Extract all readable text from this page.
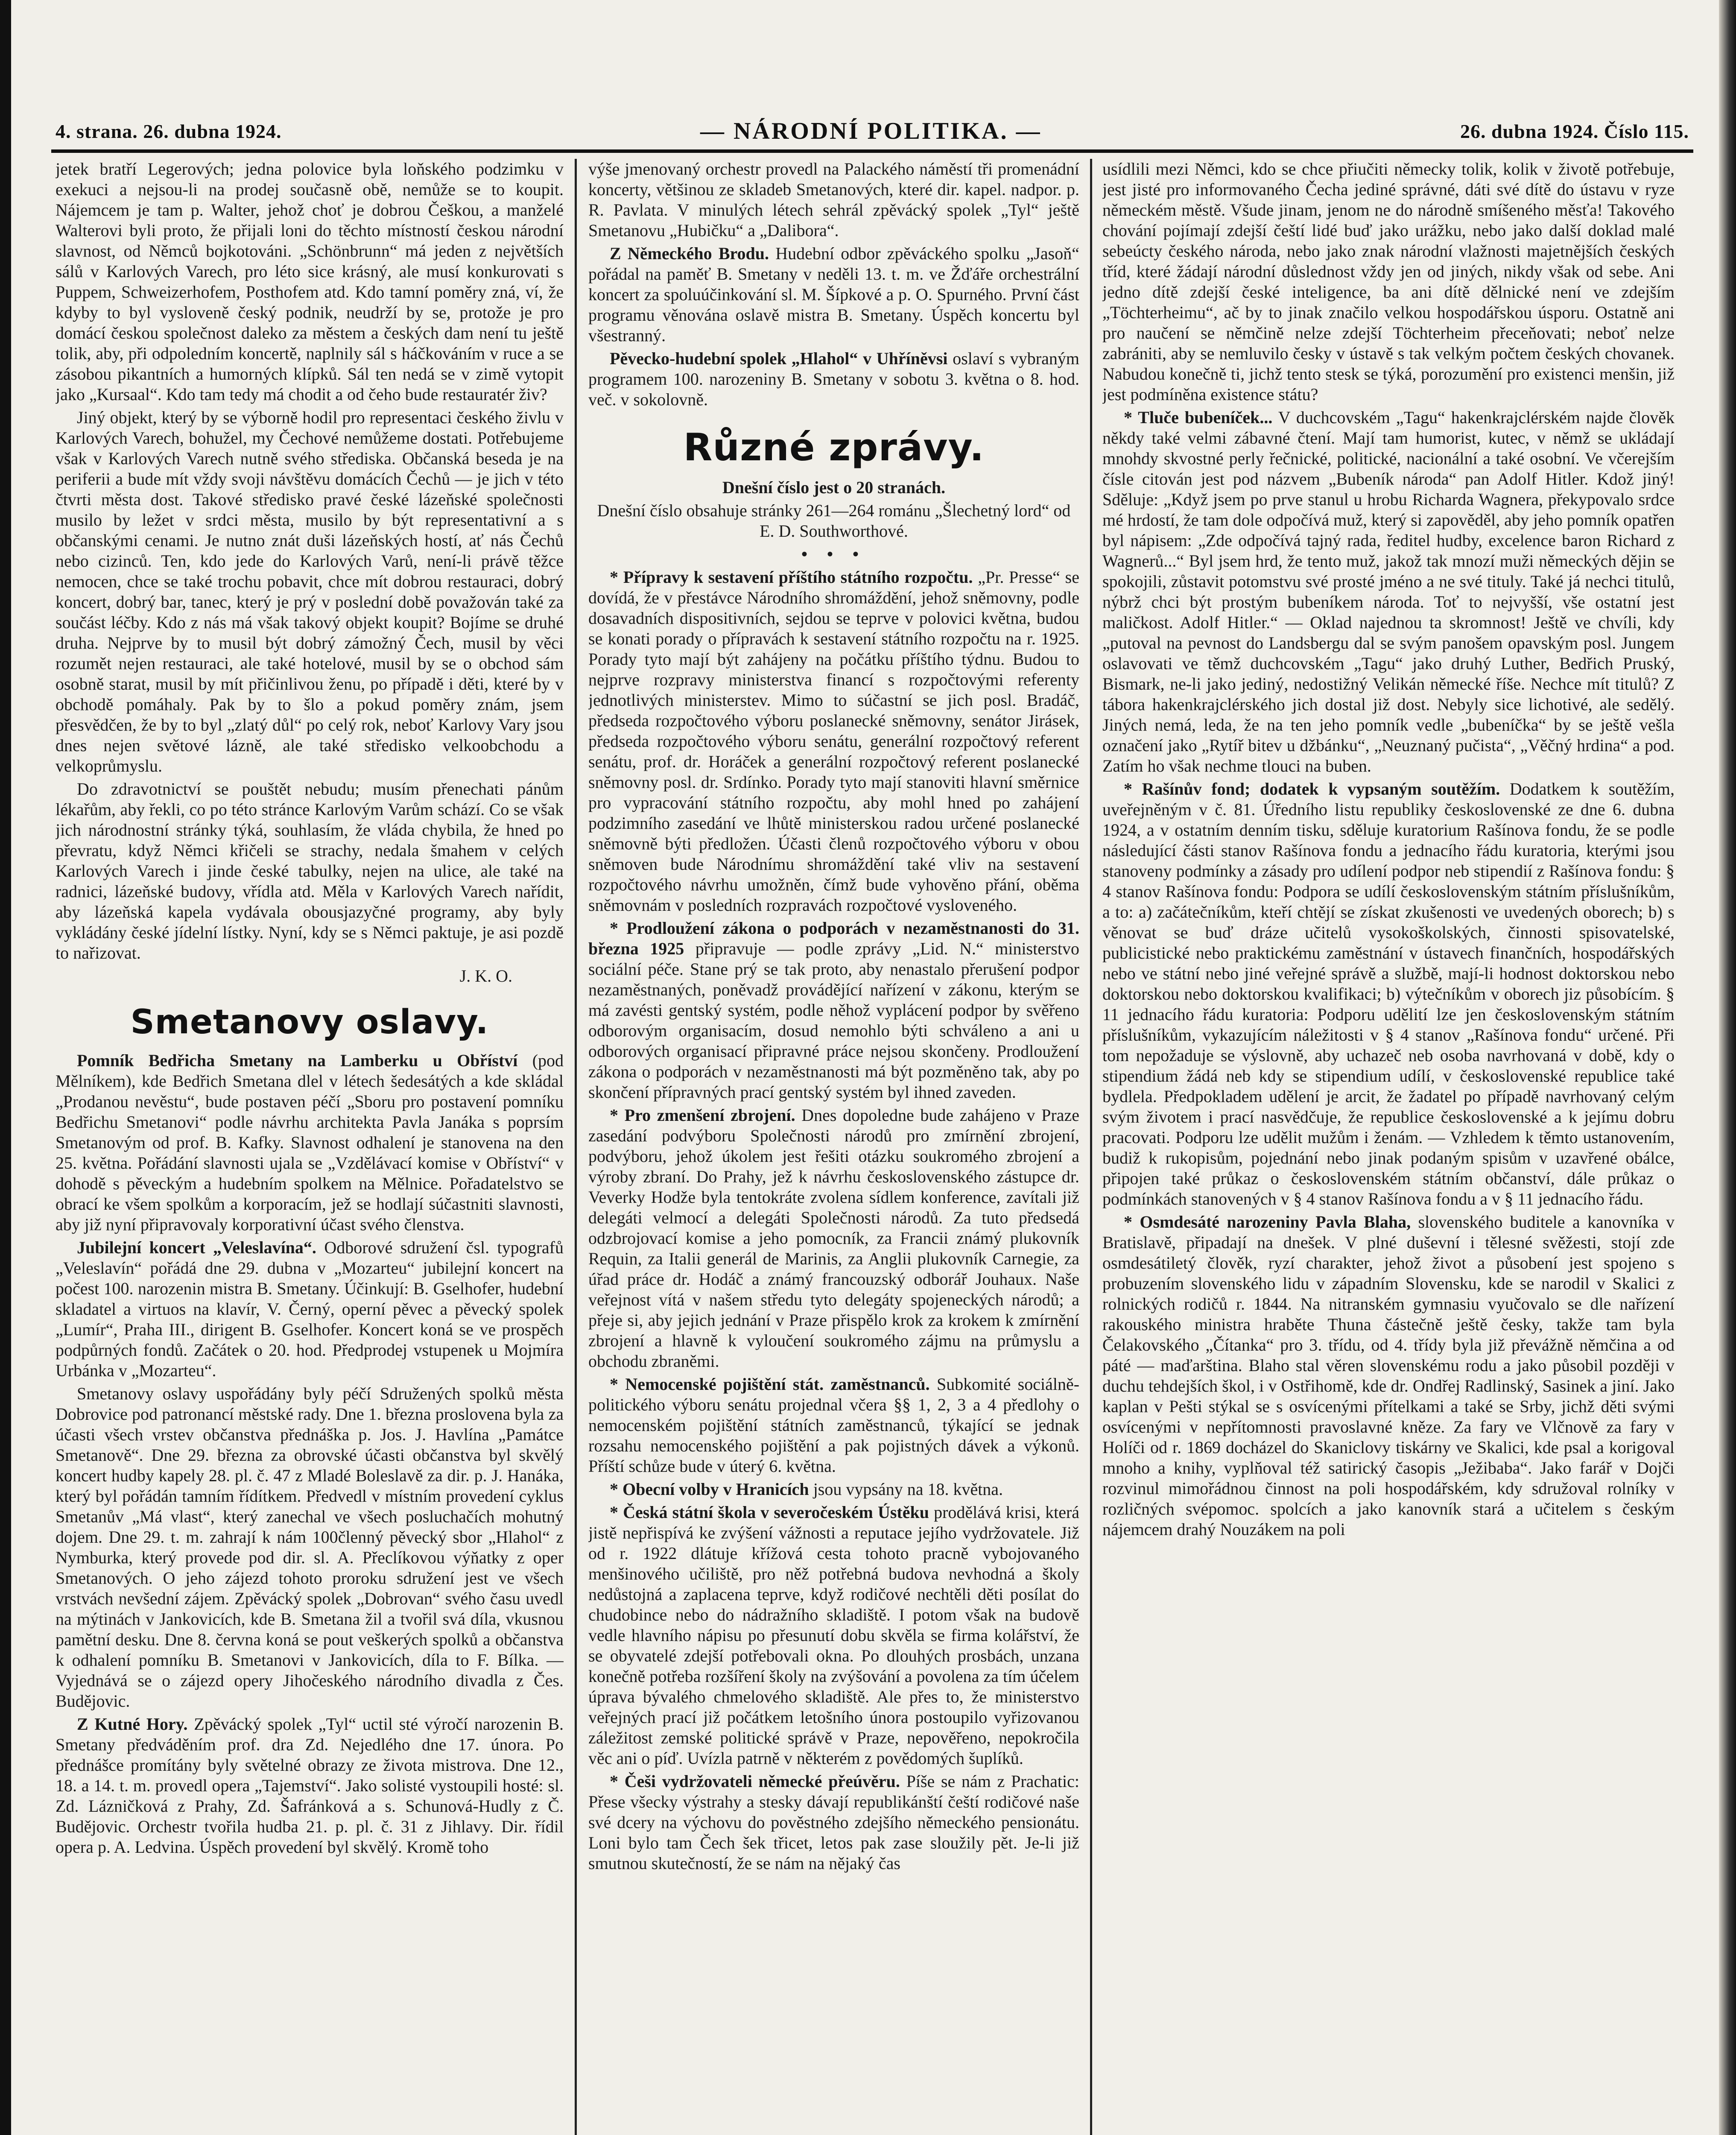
4. strana. 26. dubna 1924.	— NÁRODNÍ POLITIKA. —	26. dubna 1924. Číslo 115.

jetek bratří Legerových; jedna polovice byla loňského podzimku v exekuci a nejsou-li na prodej současně obě, nemůže se to koupit. Nájemcem je tam p. Walter, jehož choť je dobrou Češkou, a manželé Walterovi byli proto, že přijali loni do těchto místností českou národní slavnost, od Němců bojkotováni. „Schönbrunn“ má jeden z největších sálů v Karlových Varech, pro léto sice krásný, ale musí konkurovati s Puppem, Schweizerhofem, Posthofem atd. Kdo tamní poměry zná, ví, že kdyby to byl vysloveně český podnik, neudrží by se, protože je pro domácí českou společnost daleko za městem a českých dam není tu ještě tolik, aby, při odpoledním koncertě, naplnily sál s háčkováním v ruce a se zásobou pikantních a humorných klípků. Sál ten nedá se v zimě vytopit jako „Kursaal“. Kdo tam tedy má chodit a od čeho bude restauratér živ?

Jiný objekt, který by se výborně hodil pro representaci českého živlu v Karlových Varech, bohužel, my Čechové nemůžeme dostati. Potřebujeme však v Karlových Varech nutně svého střediska. Občanská beseda je na periferii a bude mít vždy svoji návštěvu domácích Čechů — je jich v této čtvrti města dost. Takové středisko pravé české lázeňské společnosti musilo by ležet v srdci města, musilo by být representativní a s občanskými cenami. Je nutno znát duši lázeňských hostí, ať nás Čechů nebo cizinců. Ten, kdo jede do Karlových Varů, není-li právě těžce nemocen, chce se také trochu pobavit, chce mít dobrou restauraci, dobrý koncert, dobrý bar, tanec, který je prý v poslední době považován také za součást léčby. Kdo z nás má však takový objekt koupit? Bojíme se druhé druha. Nejprve by to musil být dobrý zámožný Čech, musil by věci rozumět nejen restauraci, ale také hotelové, musil by se o obchod sám osobně starat, musil by mít přičinlivou ženu, po případě i děti, které by v obchodě pomáhaly. Pak by to šlo a pokud poměry znám, jsem přesvědčen, že by to byl „zlatý důl“ po celý rok, neboť Karlovy Vary jsou dnes nejen světové lázně, ale také středisko velkoobchodu a velkoprůmyslu.

Do zdravotnictví se pouštět nebudu; musím přenechati pánům lékařům, aby řekli, co po této stránce Karlovým Varům schází. Co se však jich národnostní stránky týká, souhlasím, že vláda chybila, že hned po převratu, když Němci křičeli se strachy, nedala šmahem v celých Karlových Varech i jinde české tabulky, nejen na ulice, ale také na radnici, lázeňské budovy, vřídla atd. Měla v Karlových Varech nařídit, aby lázeňská kapela vydávala obousjazyčné programy, aby byly vykládány české jídelní lístky. Nyní, kdy se s Němci paktuje, je asi pozdě to nařizovat.

J. K. O.

Smetanovy oslavy.

Pomník Bedřicha Smetany na Lamberku u Obříství (pod Mělníkem), kde Bedřich Smetana dlel v létech šedesátých a kde skládal „Prodanou nevěstu“, bude postaven péčí „Sboru pro postavení pomníku Bedřichu Smetanovi“ podle návrhu architekta Pavla Janáka s poprsím Smetanovým od prof. B. Kafky. Slavnost odhalení je stanovena na den 25. května. Pořádání slavnosti ujala se „Vzdělávací komise v Obříství“ v dohodě s pěveckým a hudebním spolkem na Mělnice. Pořadatelstvo se obrací ke všem spolkům a korporacím, jež se hodlají súčastniti slavnosti, aby již nyní připravovaly korporativní účast svého členstva.

Jubilejní koncert „Veleslavína“. Odborové sdružení čsl. typografů „Veleslavín“ pořádá dne 29. dubna v „Mozarteu“ jubilejní koncert na počest 100. narozenin mistra B. Smetany. Účinkují: B. Gselhofer, hudební skladatel a virtuos na klavír, V. Černý, operní pěvec a pěvecký spolek „Lumír“, Praha III., dirigent B. Gselhofer. Koncert koná se ve prospěch podpůrných fondů. Začátek o 20. hod. Předprodej vstupenek u Mojmíra Urbánka v „Mozarteu“.

Smetanovy oslavy uspořádány byly péčí Sdružených spolků města Dobrovice pod patronancí městské rady. Dne 1. března proslovena byla za účasti všech vrstev občanstva přednáška p. Jos. J. Havlína „Památce Smetanově“. Dne 29. března za obrovské účasti občanstva byl skvělý koncert hudby kapely 28. pl. č. 47 z Mladé Boleslavě za dir. p. J. Hanáka, který byl pořádán tamním řídítkem. Předvedl v místním provedení cyklus Smetanův „Má vlast“, který zanechal ve všech posluchačích mohutný dojem. Dne 29. t. m. zahrají k nám 100členný pěvecký sbor „Hlahol“ z Nymburka, který provede pod dir. sl. A. Přeclíkovou výňatky z oper Smetanových. O jeho zájezd tohoto proroku sdružení jest ve všech vrstvách nevšední zájem. Zpěvácký spolek „Dobrovan“ svého času uvedl na mýtinách v Jankovicích, kde B. Smetana žil a tvořil svá díla, vkusnou pamětní desku. Dne 8. června koná se pout veškerých spolků a občanstva k odhalení pomníku B. Smetanovi v Jankovicích, díla to F. Bílka. — Vyjednává se o zájezd opery Jihočeského národního divadla z Čes. Budějovic.

Z Kutné Hory. Zpěvácký spolek „Tyl“ uctil sté výročí narozenin B. Smetany předváděním prof. dra Zd. Nejedlého dne 17. února. Po přednášce promítány byly světelné obrazy ze života mistrova. Dne 12., 18. a 14. t. m. provedl opera „Tajemství“. Jako solisté vystoupili hosté: sl. Zd. Lázničková z Prahy, Zd. Šafránková a s. Schunová-Hudly z Č. Budějovic. Orchestr tvořila hudba 21. p. pl. č. 31 z Jihlavy. Dir. řídil opera p. A. Ledvina. Úspěch provedení byl skvělý. Kromě toho

výše jmenovaný orchestr provedl na Palackého náměstí tři promenádní koncerty, většinou ze skladeb Smetanových, které dir. kapel. nadpor. p. R. Pavlata. V minulých létech sehrál zpěvácký spolek „Tyl“ ještě Smetanovu „Hubičku“ a „Dalibora“.

Z Německého Brodu. Hudební odbor zpěváckého spolku „Jasoň“ pořádal na paměť B. Smetany v neděli 13. t. m. ve Žďáře orchestrální koncert za spoluúčinkování sl. M. Šípkové a p. O. Spurného. První část programu věnována oslavě mistra B. Smetany. Úspěch koncertu byl všestranný.

Pěvecko-hudební spolek „Hlahol“ v Uhříněvsi oslaví s vybraným programem 100. narozeniny B. Smetany v sobotu 3. května o 8. hod. več. v sokolovně.

Různé zprávy.

Dnešní číslo jest o 20 stranách.

Dnešní číslo obsahuje stránky 261—264 románu „Šlechetný lord“ od E. D. Southworthové.

• • •

* Přípravy k sestavení příštího státního rozpočtu. „Pr. Presse“ se dovídá, že v přestávce Národního shromáždění, jehož sněmovny, podle dosavadních dispositivních, sejdou se teprve v polovici května, budou se konati porady o přípravách k sestavení státního rozpočtu na r. 1925. Porady tyto mají být zahájeny na počátku příštího týdnu. Budou to nejprve rozpravy ministerstva financí s rozpočtovými referenty jednotlivých ministerstev. Mimo to súčastní se jich posl. Bradáč, předseda rozpočtového výboru poslanecké sněmovny, senátor Jirásek, předseda rozpočtového výboru senátu, generální rozpočtový referent senátu, prof. dr. Horáček a generální rozpočtový referent poslanecké sněmovny posl. dr. Srdínko. Porady tyto mají stanoviti hlavní směrnice pro vypracování státního rozpočtu, aby mohl hned po zahájení podzimního zasedání ve lhůtě ministerskou radou určené poslanecké sněmovně býti předložen. Účasti členů rozpočtového výboru v obou sněmoven bude Národnímu shromáždění také vliv na sestavení rozpočtového návrhu umožněn, čímž bude vyhověno přání, oběma sněmovnám v posledních rozpravách rozpočtové vysloveného.

* Prodloužení zákona o podporách v nezaměstnanosti do 31. března 1925 připravuje — podle zprávy „Lid. N.“ ministerstvo sociální péče. Stane prý se tak proto, aby nenastalo přerušení podpor nezaměstnaných, poněvadž provádějící nařízení v zákonu, kterým se má zavésti gentský systém, podle něhož vyplácení podpor by svěřeno odborovým organisacím, dosud nemohlo býti schváleno a ani u odborových organisací připravné práce nejsou skončeny. Prodloužení zákona o podporách v nezaměstnanosti má být pozměněno tak, aby po skončení přípravných prací gentský systém byl ihned zaveden.

* Pro zmenšení zbrojení. Dnes dopoledne bude zahájeno v Praze zasedání podvýboru Společnosti národů pro zmírnění zbrojení, podvýboru, jehož úkolem jest řešiti otázku soukromého zbrojení a výroby zbraní. Do Prahy, jež k návrhu československého zástupce dr. Veverky Hodže byla tentokráte zvolena sídlem konference, zavítali již delegáti velmocí a delegáti Společnosti národů. Za tuto předsedá odzbrojovací komise a jeho pomocník, za Francii známý plukovník Requin, za Italii generál de Marinis, za Anglii plukovník Carnegie, za úřad práce dr. Hodáč a známý francouzský odborář Jouhaux. Naše veřejnost vítá v našem středu tyto delegáty spojeneckých národů; a přeje si, aby jejich jednání v Praze přispělo krok za krokem k zmírnění zbrojení a hlavně k vyloučení soukromého zájmu na průmyslu a obchodu zbraněmi.

* Nemocenské pojištění stát. zaměstnanců. Subkomité sociálně-politického výboru senátu projednal včera §§ 1, 2, 3 a 4 předlohy o nemocenském pojištění státních zaměstnanců, týkající se jednak rozsahu nemocenského pojištění a pak pojistných dávek a výkonů. Příští schůze bude v úterý 6. května.

* Obecní volby v Hranicích jsou vypsány na 18. května.

* Česká státní škola v severočeském Ústěku prodělává krisi, která jistě nepřispívá ke zvýšení vážnosti a reputace jejího vydržovatele. Již od r. 1922 dlátuje křížová cesta tohoto pracně vybojovaného menšinového učiliště, pro něž potřebná budova nevhodná a školy nedůstojná a zaplacena teprve, když rodičové nechtěli děti posílat do chudobince nebo do nádražního skladiště. I potom však na budově vedle hlavního nápisu po přesunutí dobu skvěla se firma kolářství, že se obyvatelé zdejší potřebovali okna. Po dlouhých prosbách, unzana konečně potřeba rozšíření školy na zvýšování a povolena za tím účelem úprava bývalého chmelového skladiště. Ale přes to, že ministerstvo veřejných prací již počátkem letošního února postoupilo vyřizovanou záležitost zemské politické správě v Praze, nepověřeno, nepokročila věc ani o píď. Uvízla patrně v některém z povědomých šuplíků.

* Češi vydržovateli německé přeúvěru. Píše se nám z Prachatic: Přese všecky výstrahy a stesky dávají republikánští čeští rodičové naše své dcery na výchovu do pověstného zdejšího německého pensionátu. Loni bylo tam Čech šek třicet, letos pak zase sloužily pět. Je-li již smutnou skutečností, že se nám na nějaký čas

usídlili mezi Němci, kdo se chce přiučiti německy tolik, kolik v životě potřebuje, jest jisté pro informovaného Čecha jediné správné, dáti své dítě do ústavu v ryze německém městě. Všude jinam, jenom ne do národně smíšeného měsťa! Takového chování pojímají zdejší čeští lidé buď jako urážku, nebo jako další doklad malé sebeúcty českého národa, nebo jako znak národní vlažnosti majetnějších českých tříd, které žádají národní důslednost vždy jen od jiných, nikdy však od sebe. Ani jedno dítě zdejší české inteligence, ba ani dítě dělnické není ve zdejším „Töchterheimu“, ač by to jinak značilo velkou hospodářskou úsporu. Ostatně ani pro naučení se němčině nelze zdejší Töchterheim přeceňovati; neboť nelze zabrániti, aby se nemluvilo česky v ústavě s tak velkým počtem českých chovanek. Nabudou konečně ti, jichž tento stesk se týká, porozumění pro existenci menšin, již jest podmíněna existence státu?

* Tluče bubeníček... V duchcovském „Tagu“ hakenkrajclérském najde člověk někdy také velmi zábavné čtení. Mají tam humorist, kutec, v němž se ukládají mnohdy skvostné perly řečnické, politické, nacionální a také osobní. Ve včerejším čísle citován jest pod názvem „Bubeník národa“ pan Adolf Hitler. Kdož jiný! Sděluje: „Když jsem po prve stanul u hrobu Richarda Wagnera, překypovalo srdce mé hrdostí, že tam dole odpočívá muž, který si zapověděl, aby jeho pomník opatřen byl nápisem: „Zde odpočívá tajný rada, ředitel hudby, excelence baron Richard z Wagnerů...“ Byl jsem hrd, že tento muž, jakož tak mnozí muži německých dějin se spokojili, zůstavit potomstvu své prosté jméno a ne své tituly. Také já nechci titulů, nýbrž chci být prostým bubeníkem národa. Toť to nejvyšší, vše ostatní jest maličkost. Adolf Hitler.“ — Oklad najednou ta skromnost! Ještě ve chvíli, kdy „putoval na pevnost do Landsbergu dal se svým panošem opavským posl. Jungem oslavovati ve těmž duchcovském „Tagu“ jako druhý Luther, Bedřich Pruský, Bismark, ne-li jako jediný, nedostižný Velikán německé říše. Nechce mít titulů? Z tábora hakenkrajclérského jich dostal již dost. Nebyly sice lichotivé, ale sedělý. Jiných nemá, leda, že na ten jeho pomník vedle „bubeníčka“ by se ještě vešla označení jako „Rytíř bitev u džbánku“, „Neuznaný pučista“, „Věčný hrdina“ a pod. Zatím ho však nechme tlouci na buben.

* Rašínův fond; dodatek k vypsaným soutěžím. Dodatkem k soutěžím, uveřejněným v č. 81. Úředního listu republiky československé ze dne 6. dubna 1924, a v ostatním denním tisku, sděluje kuratorium Rašínova fondu, že se podle následující části stanov Rašínova fondu a jednacího řádu kuratoria, kterými jsou stanoveny podmínky a zásady pro udílení podpor neb stipendií z Rašínova fondu: § 4 stanov Rašínova fondu: Podpora se udílí československým státním příslušníkům, a to: a) začátečníkům, kteří chtějí se získat zkušenosti ve uvedených oborech; b) s věnovat se buď dráze učitelů vysokoškolských, činnosti spisovatelské, publicistické nebo praktickému zaměstnání v ústavech finančních, hospodářských nebo ve státní nebo jiné veřejné správě a službě, mají-li hodnost doktorskou nebo doktorskou nebo doktorskou kvalifikaci; b) výtečníkům v oborech jiz působícím. § 11 jednacího řádu kuratoria: Podporu udělití lze jen československým státním příslušníkům, vykazujícím náležitosti v § 4 stanov „Rašínova fondu“ určené. Při tom nepožaduje se výslovně, aby uchazeč neb osoba navrhovaná v době, kdy o stipendium žádá neb kdy se stipendium udílí, v československé republice také bydlela. Předpokladem udělení je arcit, že žadatel po případě navrhovaný celým svým životem i prací nasvědčuje, že republice československé a k jejímu dobru pracovati. Podporu lze udělit mužům i ženám. — Vzhledem k těmto ustanovením, budiž k rukopisům, pojednání nebo jinak podaným spisům v uzavřené obálce, připojen také průkaz o československém státním občanství, dále průkaz o podmínkách stanovených v § 4 stanov Rašínova fondu a v § 11 jednacího řádu.

* Osmdesáté narozeniny Pavla Blaha, slovenského buditele a kanovníka v Bratislavě, připadají na dnešek. V plné duševní i tělesné svěžesti, stojí zde osmdesátiletý člověk, ryzí charakter, jehož život a působení jest spojeno s probuzením slovenského lidu v západním Slovensku, kde se narodil v Skalici z rolnických rodičů r. 1844. Na nitranském gymnasiu vyučovalo se dle nařízení rakouského ministra hraběte Thuna částečně ještě česky, takže tam byla Čelakovského „Čítanka“ pro 3. třídu, od 4. třídy byla již převážně němčina a od páté — maďarština. Blaho stal věren slovenskému rodu a jako působil později v duchu tehdejších škol, i v Ostřihomě, kde dr. Ondřej Radlinský, Sasinek a jiní. Jako kaplan v Pešti stýkal se s osvícenými přítelkami a také se Srby, jichž děti svými osvícenými v nepřítomnosti pravoslavné kněze. Za fary ve Vlčnově za fary v Holíči od r. 1869 docházel do Skaniclovy tiskárny ve Skalici, kde psal a korigoval mnoho a knihy, vyplňoval též satirický časopis „Ježibaba“. Jako farář v Dojči rozvinul mimořádnou činnost na poli hospodářském, kdy sdružoval rolníky v rozličných svépomoc. spolcích a jako kanovník stará a učitelem s českým nájemcem drahý Nouzákem na poli
